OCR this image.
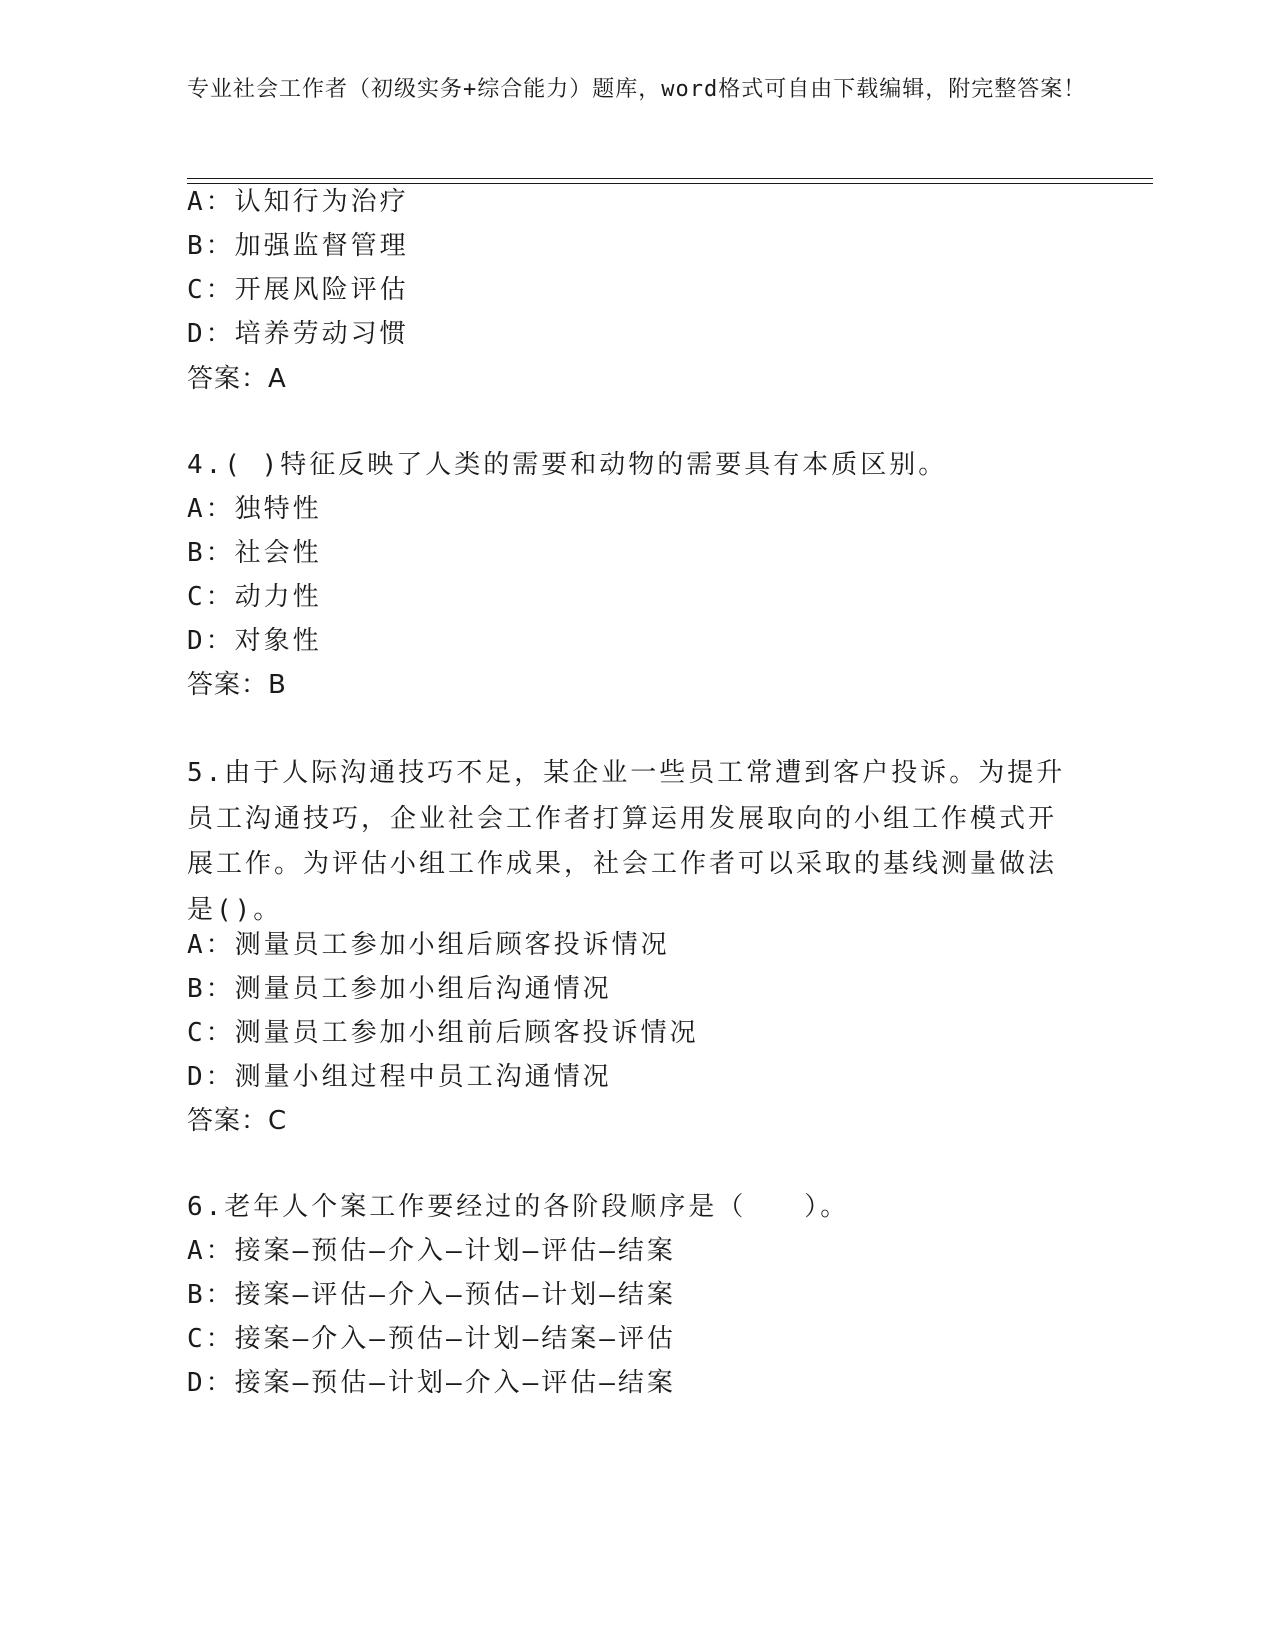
专业社会工作者（初级实务+综合能力）题库，word格式可自由下载编辑，附完整答案！
A：认知行为治疗
B：加强监督管理
C：开展风险评估
D：培养劳动习惯
答案：A
4.( )特征反映了人类的需要和动物的需要具有本质区别。
A：独特性
B：社会性
C：动力性
D：对象性
答案：B
5.由于人际沟通技巧不足，某企业一些员工常遭到客户投诉。为提升员工沟通技巧，企业社会工作者打算运用发展取向的小组工作模式开展工作。为评估小组工作成果，社会工作者可以采取的基线测量做法是()。
A：测量员工参加小组后顾客投诉情况
B：测量员工参加小组后沟通情况
C：测量员工参加小组前后顾客投诉情况
D：测量小组过程中员工沟通情况
答案：C
6.老年人个案工作要经过的各阶段顺序是（　　）。
A：接案—预估—介入—计划—评估—结案
B：接案—评估—介入—预估—计划—结案
C：接案—介入—预估—计划—结案—评估
D：接案—预估—计划—介入—评估—结案
